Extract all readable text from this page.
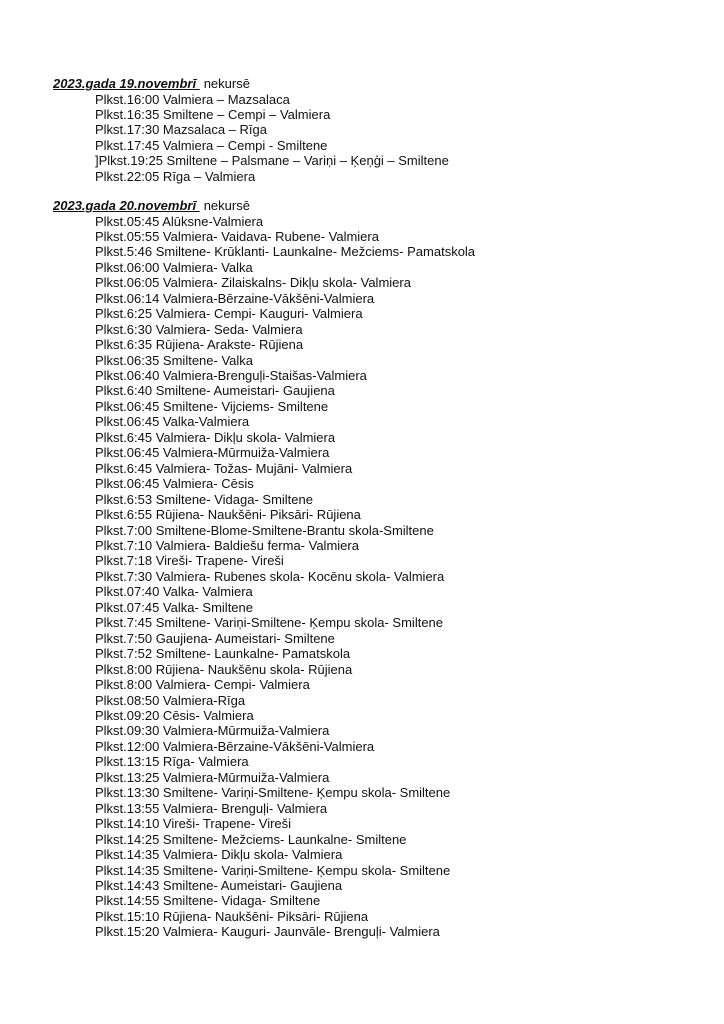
2023.gada 19.novembrī nekursē
Plkst.16:00 Valmiera – Mazsalaca
Plkst.16:35 Smiltene – Cempi – Valmiera
Plkst.17:30 Mazsalaca – Rīga
Plkst.17:45 Valmiera – Cempi - Smiltene
]Plkst.19:25 Smiltene – Palsmane – Variņi – Ķeņģi – Smiltene
Plkst.22:05 Rīga – Valmiera
2023.gada 20.novembrī nekursē
Plkst.05:45 Alūksne-Valmiera
Plkst.05:55 Valmiera- Vaidava- Rubene- Valmiera
Plkst.5:46 Smiltene- Krūklanti- Launkalne- Mežciems- Pamatskola
Plkst.06:00 Valmiera- Valka
Plkst.06:05 Valmiera- Zilaiskalns- Dikļu skola- Valmiera
Plkst.06:14 Valmiera-Bērzaine-Vākšēni-Valmiera
Plkst.6:25 Valmiera- Cempi- Kauguri- Valmiera
Plkst.6:30 Valmiera- Seda- Valmiera
Plkst.6:35 Rūjiena- Arakste- Rūjiena
Plkst.06:35 Smiltene- Valka
Plkst.06:40 Valmiera-Brenguļi-Staišas-Valmiera
Plkst.6:40 Smiltene- Aumeistari- Gaujiena
Plkst.06:45 Smiltene- Vijciems- Smiltene
Plkst.06:45 Valka-Valmiera
Plkst.6:45 Valmiera- Dikļu skola- Valmiera
Plkst.06:45 Valmiera-Mūrmuiža-Valmiera
Plkst.6:45 Valmiera- Tožas- Mujāni- Valmiera
Plkst.06:45 Valmiera- Cēsis
Plkst.6:53 Smiltene- Vidaga- Smiltene
Plkst.6:55 Rūjiena- Naukšēni- Piksāri- Rūjiena
Plkst.7:00 Smiltene-Blome-Smiltene-Brantu skola-Smiltene
Plkst.7:10 Valmiera- Baldiešu ferma- Valmiera
Plkst.7:18 Vireši- Trapene- Vireši
Plkst.7:30 Valmiera- Rubenes skola- Kocēnu skola- Valmiera
Plkst.07:40 Valka- Valmiera
Plkst.07:45 Valka- Smiltene
Plkst.7:45 Smiltene- Variņi-Smiltene- Ķempu skola- Smiltene
Plkst.7:50 Gaujiena- Aumeistari- Smiltene
Plkst.7:52 Smiltene- Launkalne- Pamatskola
Plkst.8:00 Rūjiena- Naukšēnu skola- Rūjiena
Plkst.8:00 Valmiera- Cempi- Valmiera
Plkst.08:50 Valmiera-Rīga
Plkst.09:20 Cēsis- Valmiera
Plkst.09:30 Valmiera-Mūrmuiža-Valmiera
Plkst.12:00 Valmiera-Bērzaine-Vākšēni-Valmiera
Plkst.13:15 Rīga- Valmiera
Plkst.13:25 Valmiera-Mūrmuiža-Valmiera
Plkst.13:30 Smiltene- Variņi-Smiltene- Ķempu skola- Smiltene
Plkst.13:55 Valmiera- Brenguļi- Valmiera
Plkst.14:10 Vireši- Trapene- Vireši
Plkst.14:25 Smiltene- Mežciems- Launkalne- Smiltene
Plkst.14:35 Valmiera- Dikļu skola- Valmiera
Plkst.14:35 Smiltene- Variņi-Smiltene- Ķempu skola- Smiltene
Plkst.14:43 Smiltene- Aumeistari- Gaujiena
Plkst.14:55 Smiltene- Vidaga- Smiltene
Plkst.15:10 Rūjiena- Naukšēni- Piksāri- Rūjiena
Plkst.15:20 Valmiera- Kauguri- Jaunvāle- Brenguļi- Valmiera
